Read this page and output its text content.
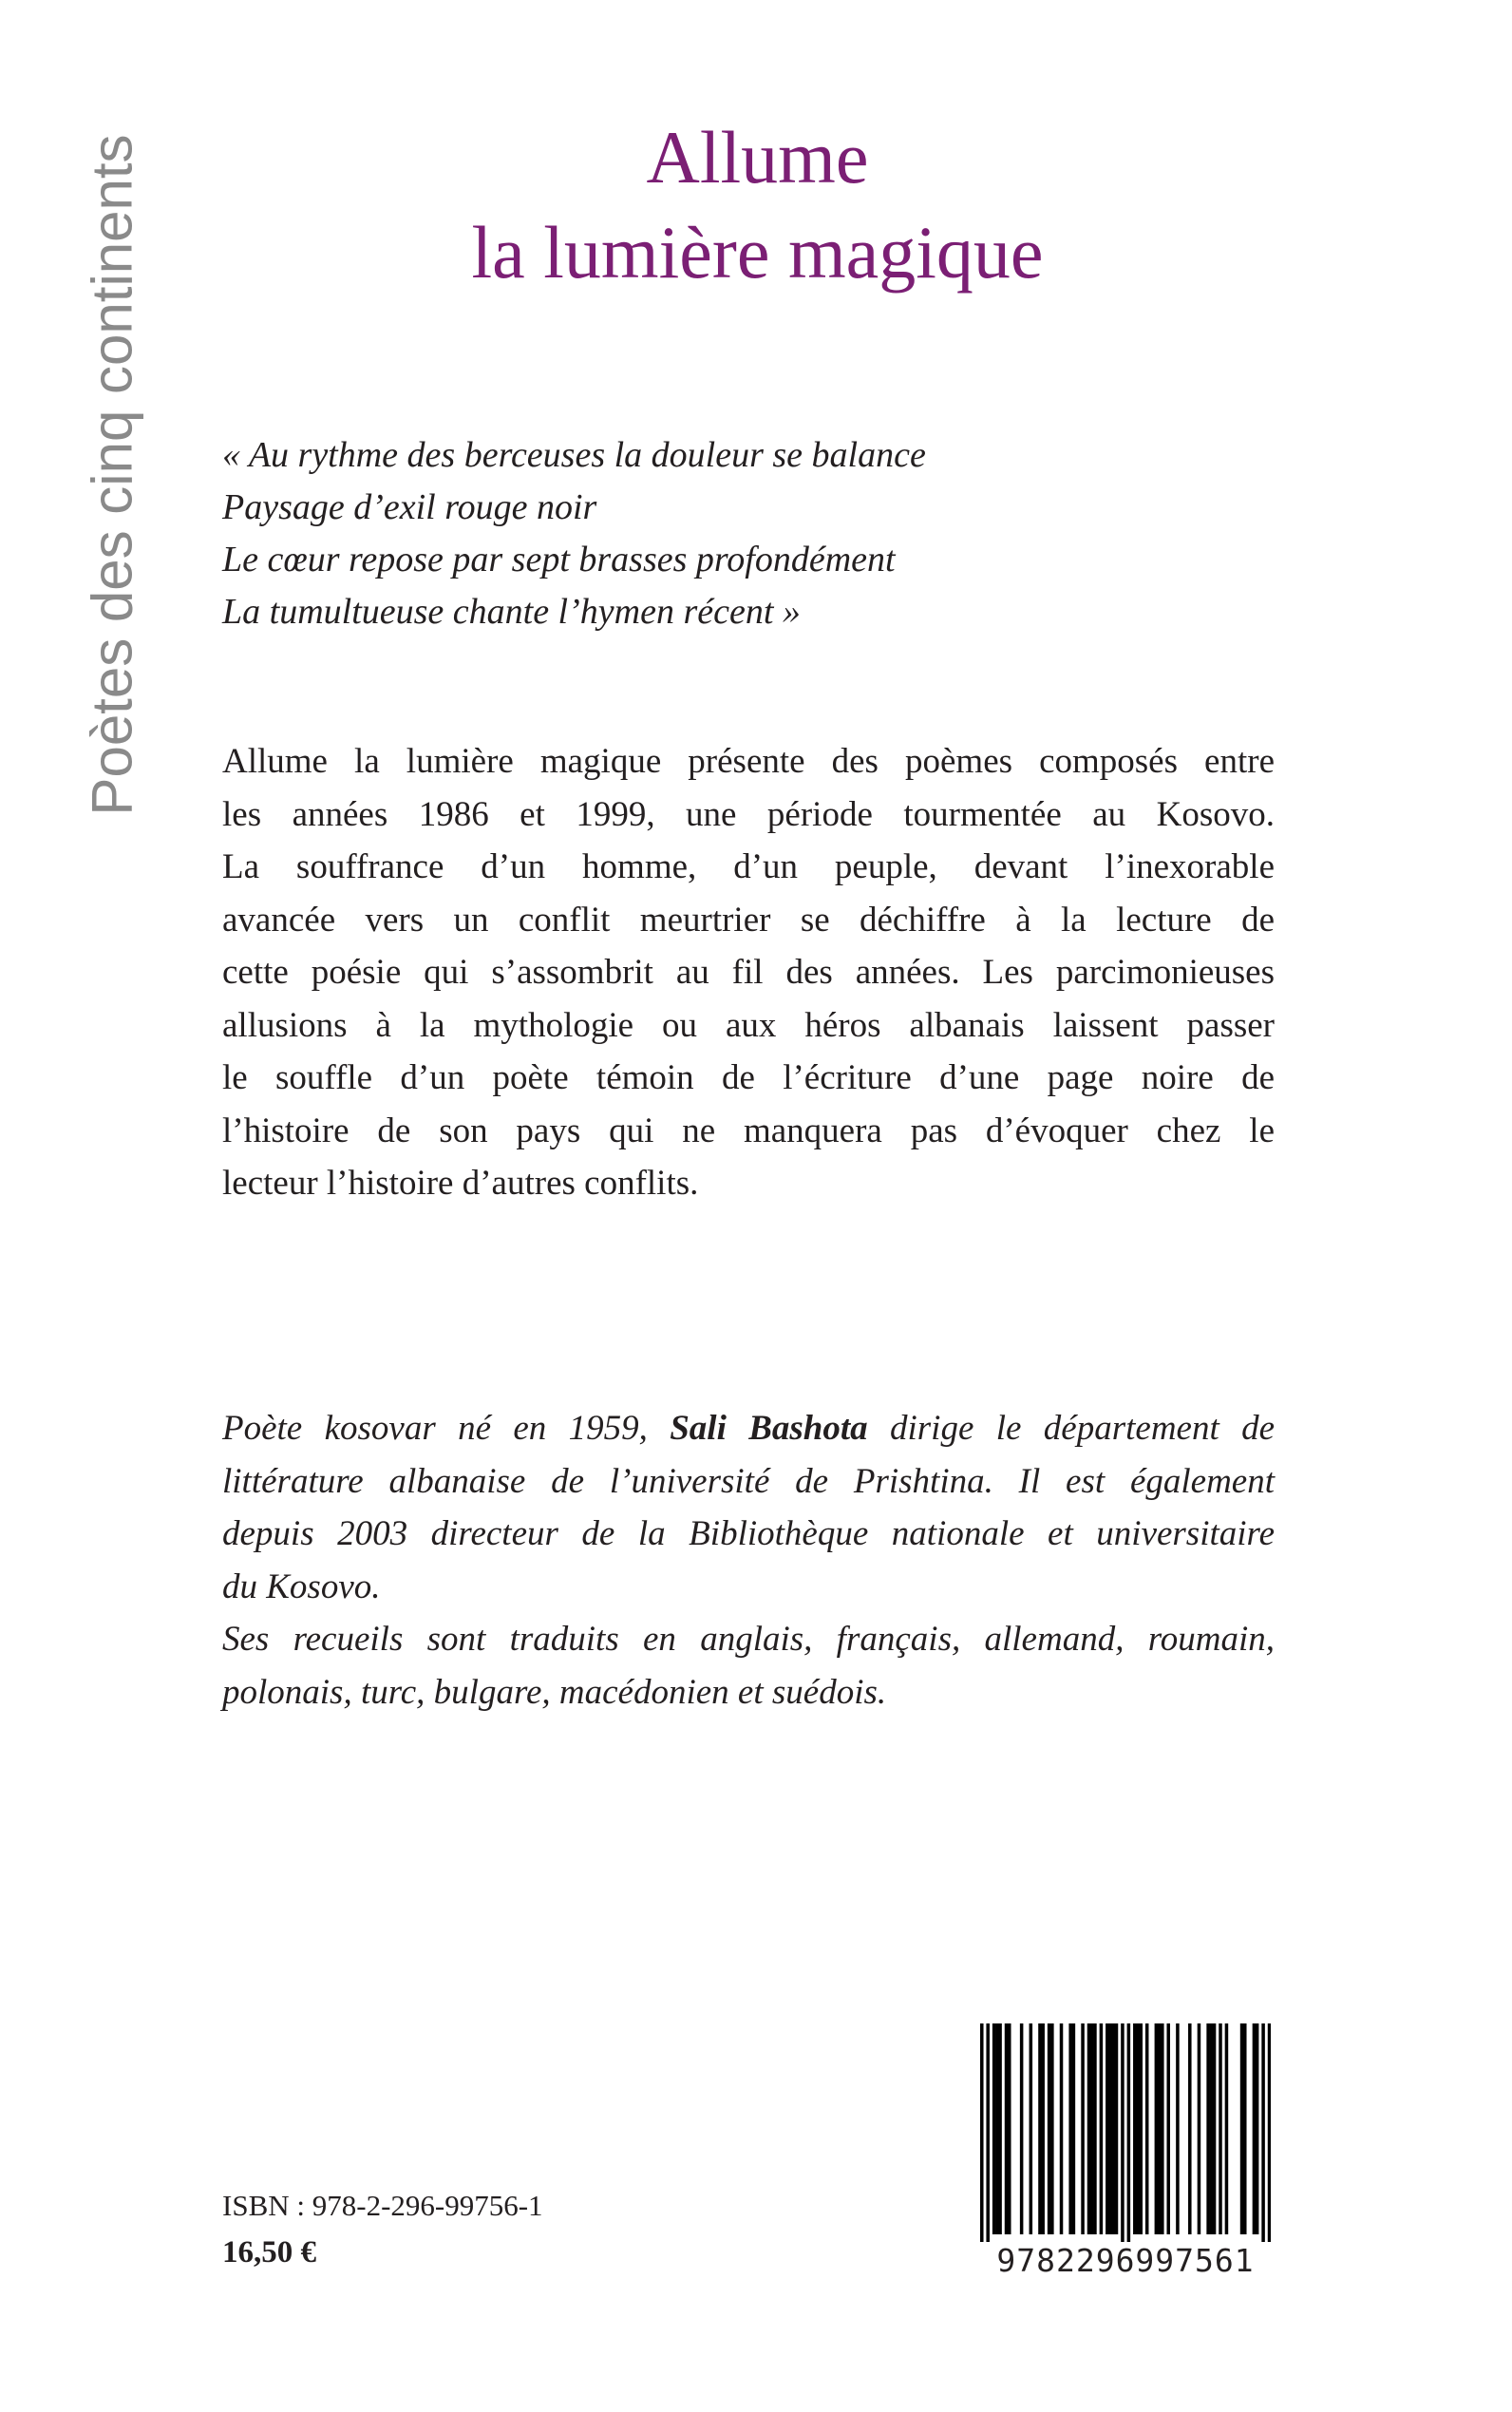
Poètes des cinq continents	Allume
la lumière magique
« Au rythme des berceuses la douleur se balance
Paysage d’exil rouge noir
Le cœur repose par sept brasses profondément
La tumultueuse chante l’hymen récent »
Allume la lumière magique présente des poèmes composés entre
les années 1986 et 1999, une période tourmentée au Kosovo.
La souffrance d’un homme, d’un peuple, devant l’inexorable
avancée vers un conflit meurtrier se déchiffre à la lecture de
cette poésie qui s’assombrit au fil des années. Les parcimonieuses
allusions à la mythologie ou aux héros albanais laissent passer
le souffle d’un poète témoin de l’écriture d’une page noire de
l’histoire de son pays qui ne manquera pas d’évoquer chez le
lecteur l’histoire d’autres conflits.
Poète kosovar né en 1959, Sali Bashota dirige le département de
littérature albanaise de l’université de Prishtina. Il est également
depuis 2003 directeur de la Bibliothèque nationale et universitaire
du Kosovo.
Ses recueils sont traduits en anglais, français, allemand, roumain,
polonais, turc, bulgare, macédonien et suédois.
ISBN : 978-2-296-99756-1
16,50 €	9782296997561
